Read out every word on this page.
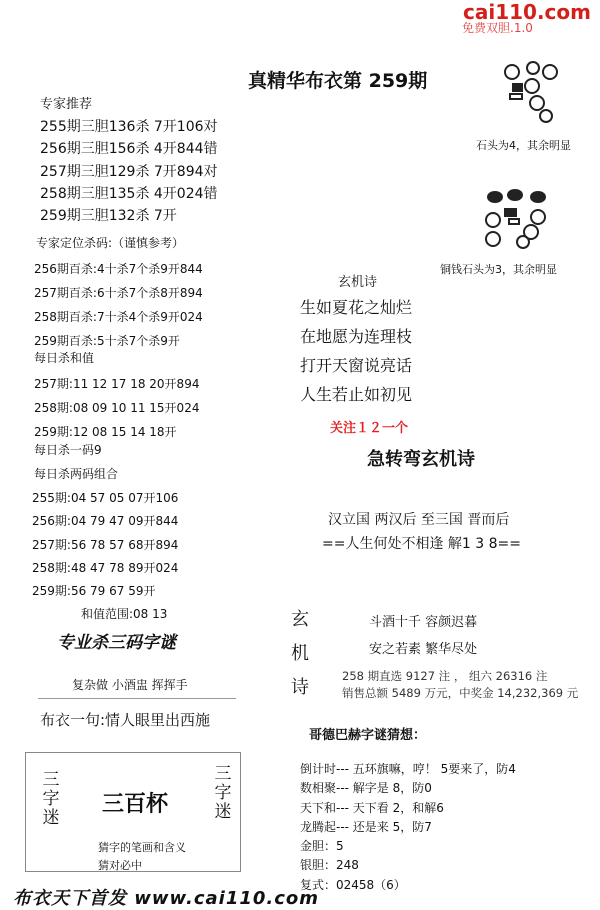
cai110.com
免费双胆.1.0
真精华布衣第 259期
专家推荐
255期三胆136杀 7开106对
256期三胆156杀 4开844错
257期三胆129杀 7开894对
258期三胆135杀 4开024错
259期三胆132杀 7开
专家定位杀码:（谨慎参考）
256期百杀:4十杀7个杀9开844
257期百杀:6十杀7个杀8开894
258期百杀:7十杀4个杀9开024
259期百杀:5十杀7个杀9开
每日杀和值
257期:11 12 17 18 20开894
258期:08 09 10 11 15开024
259期:12 08 15 14 18开
每日杀一码9
每日杀两码组合
255期:04 57 05 07开106
256期:04 79 47 09开844
257期:56 78 57 68开894
258期:48 47 78 89开024
259期:56 79 67 59开
和值范围:08 13
专业杀三码字谜
复杂做 小酒盅 挥挥手
布衣一句:情人眼里出西施
三
字
迷
三百杯
三
字
迷
猜字的笔画和含义
猜对必中
布衣天下首发 www.cai110.com
石头为4，其余明显
铜钱石头为3，其余明显
玄机诗
生如夏花之灿烂
在地愿为连理枝
打开天窗说亮话
人生若止如初见
关注１２一个
急转弯玄机诗
汉立国 两汉后 至三国 晋而后
==人生何处不相逢 解1 3 8==
玄
机
诗
斗酒十千 容颜迟暮
安之若素 繁华尽处
258 期直选 9127 注 ， 组六 26316 注
销售总额 5489 万元，中奖金 14,232,369 元
哥德巴赫字谜猜想：
倒计时--- 五环旗嘛，哼！ 5要来了，防4
数相聚--- 解字是 8，防0
天下和--- 天下看 2，和解6
龙腾起--- 还是来 5，防7
金胆：5
银胆：248
复式：02458（6）
